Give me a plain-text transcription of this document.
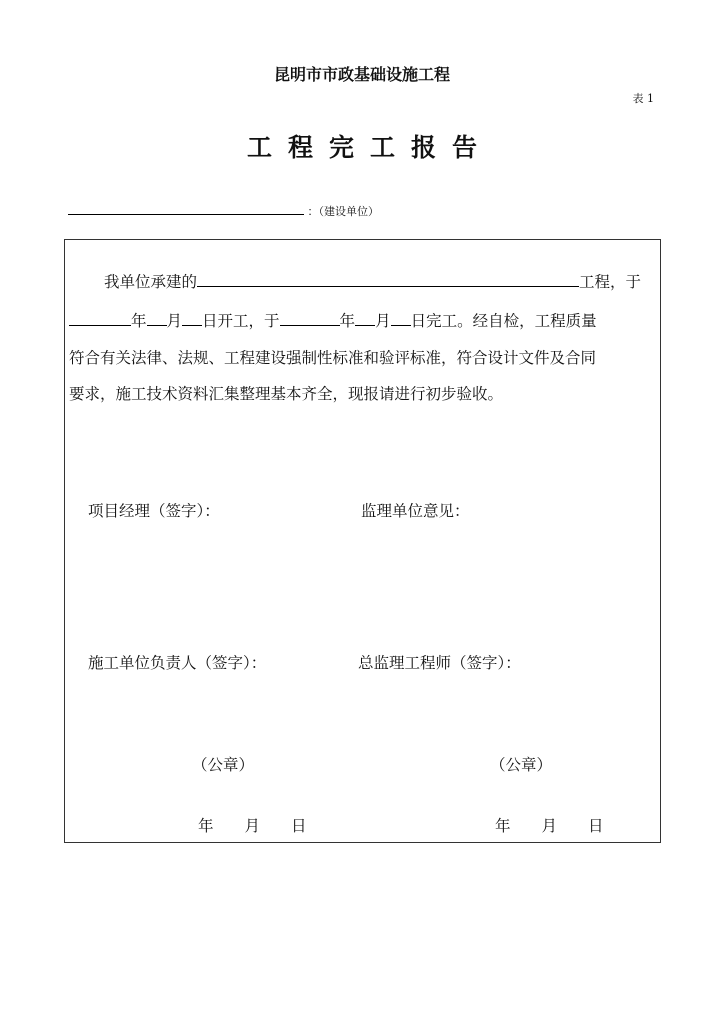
昆明市市政基础设施工程
表 1
工程完工报告
：（建设单位）
我单位承建的	工程，于
年 月 日开工，于	年 月 日完工。经自检，工程质量
符合有关法律、法规、工程建设强制性标准和验评标准，符合设计文件及合同
要求，施工技术资料汇集整理基本齐全，现报请进行初步验收。
项目经理（签字）：	监理单位意见：
施工单位负责人（签字）：	总监理工程师（签字）：
（公章）	（公章）
年　　月　　日	年　　月　　日
